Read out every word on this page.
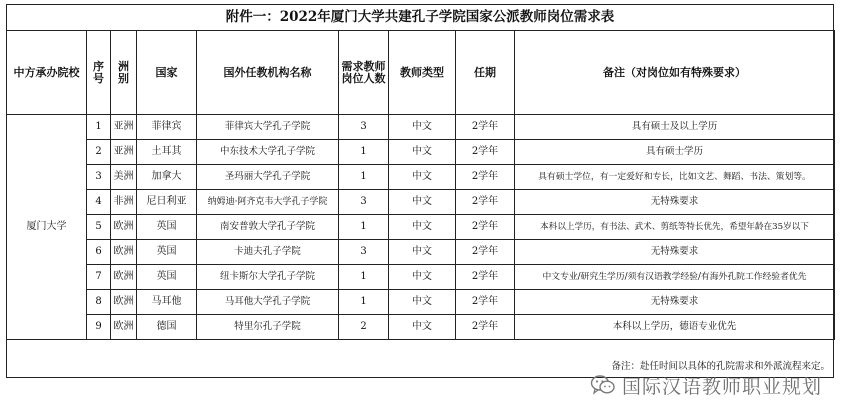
附件一：2022年厦门大学共建孔子学院国家公派教师岗位需求表
中方承办院校	序号	洲别	国家	国外任教机构名称	需求教师岗位人数	教师类型	任期	备注（对岗位如有特殊要求）
厦门大学	1	亚洲	菲律宾	菲律宾大学孔子学院	3	中文	2学年	具有硕士及以上学历
	2	亚洲	土耳其	中东技术大学孔子学院	1	中文	2学年	具有硕士学历
	3	美洲	加拿大	圣玛丽大学孔子学院	1	中文	2学年	具有硕士学位，有一定爱好和专长，比如文艺、舞蹈、书法、策划等。
	4	非洲	尼日利亚	纳姆迪·阿齐克韦大学孔子学院	3	中文	2学年	无特殊要求
	5	欧洲	英国	南安普敦大学孔子学院	1	中文	2学年	本科以上学历，有书法、武术、剪纸等特长优先，希望年龄在35岁以下
	6	欧洲	英国	卡迪夫孔子学院	3	中文	2学年	无特殊要求
	7	欧洲	英国	纽卡斯尔大学孔子学院	1	中文	2学年	中文专业/研究生学历/须有汉语教学经验/有海外孔院工作经验者优先
	8	欧洲	马耳他	马耳他大学孔子学院	1	中文	2学年	无特殊要求
	9	欧洲	德国	特里尔孔子学院	2	中文	2学年	本科以上学历，德语专业优先
备注：赴任时间以具体的孔院需求和外派流程来定。
国际汉语教师职业规划
